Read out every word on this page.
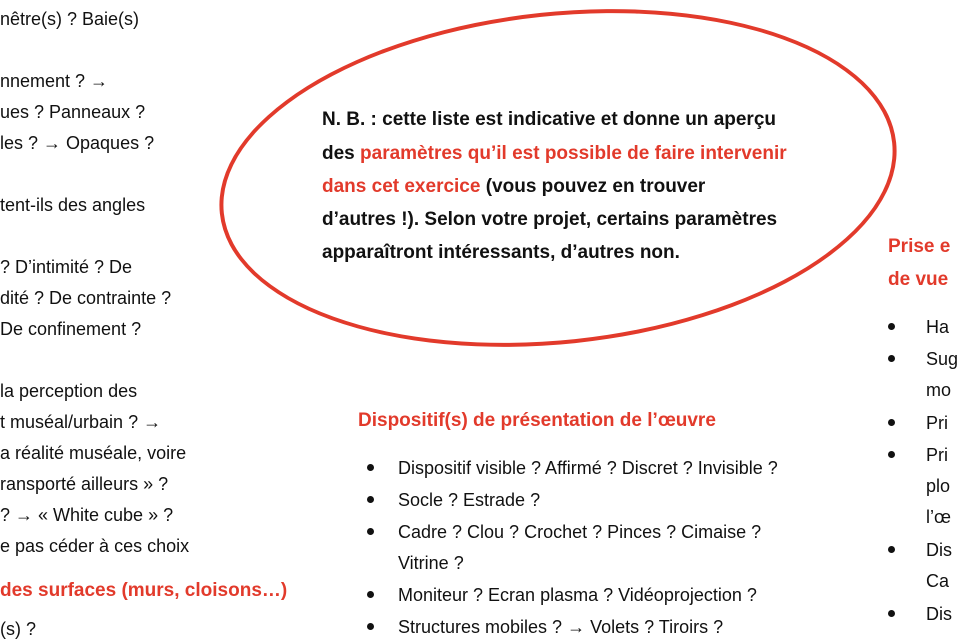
nêtre(s) ? Baie(s)
nnement ? →
ues ? Panneaux ?
les ? → Opaques ?
tent-ils des angles
? D’intimité ? De
dité ? De contrainte ?
De confinement ?
la perception des
t muséal/urbain ? →
a réalité muséale, voire
ransporté ailleurs » ?
? → « White cube » ?
e pas céder à ces choix
des surfaces (murs, cloisons…)
(s) ?
N. B. : cette liste est indicative et donne un aperçu
des paramètres qu’il est possible de faire intervenir
dans cet exercice (vous pouvez en trouver
d’autres !). Selon votre projet, certains paramètres
apparaîtront intéressants, d’autres non.
Dispositif(s) de présentation de l’œuvre
Dispositif visible ? Affirmé ? Discret ? Invisible ?
Socle ? Estrade ?
Cadre ? Clou ? Crochet ? Pinces ? Cimaise ?
Vitrine ?
Moniteur ? Ecran plasma ? Vidéoprojection ?
Structures mobiles ? → Volets ? Tiroirs ?
Prise e
de vue
Ha
Sug
mo
Pri
Pri
plo
l’œ
Dis
Ca
Dis
